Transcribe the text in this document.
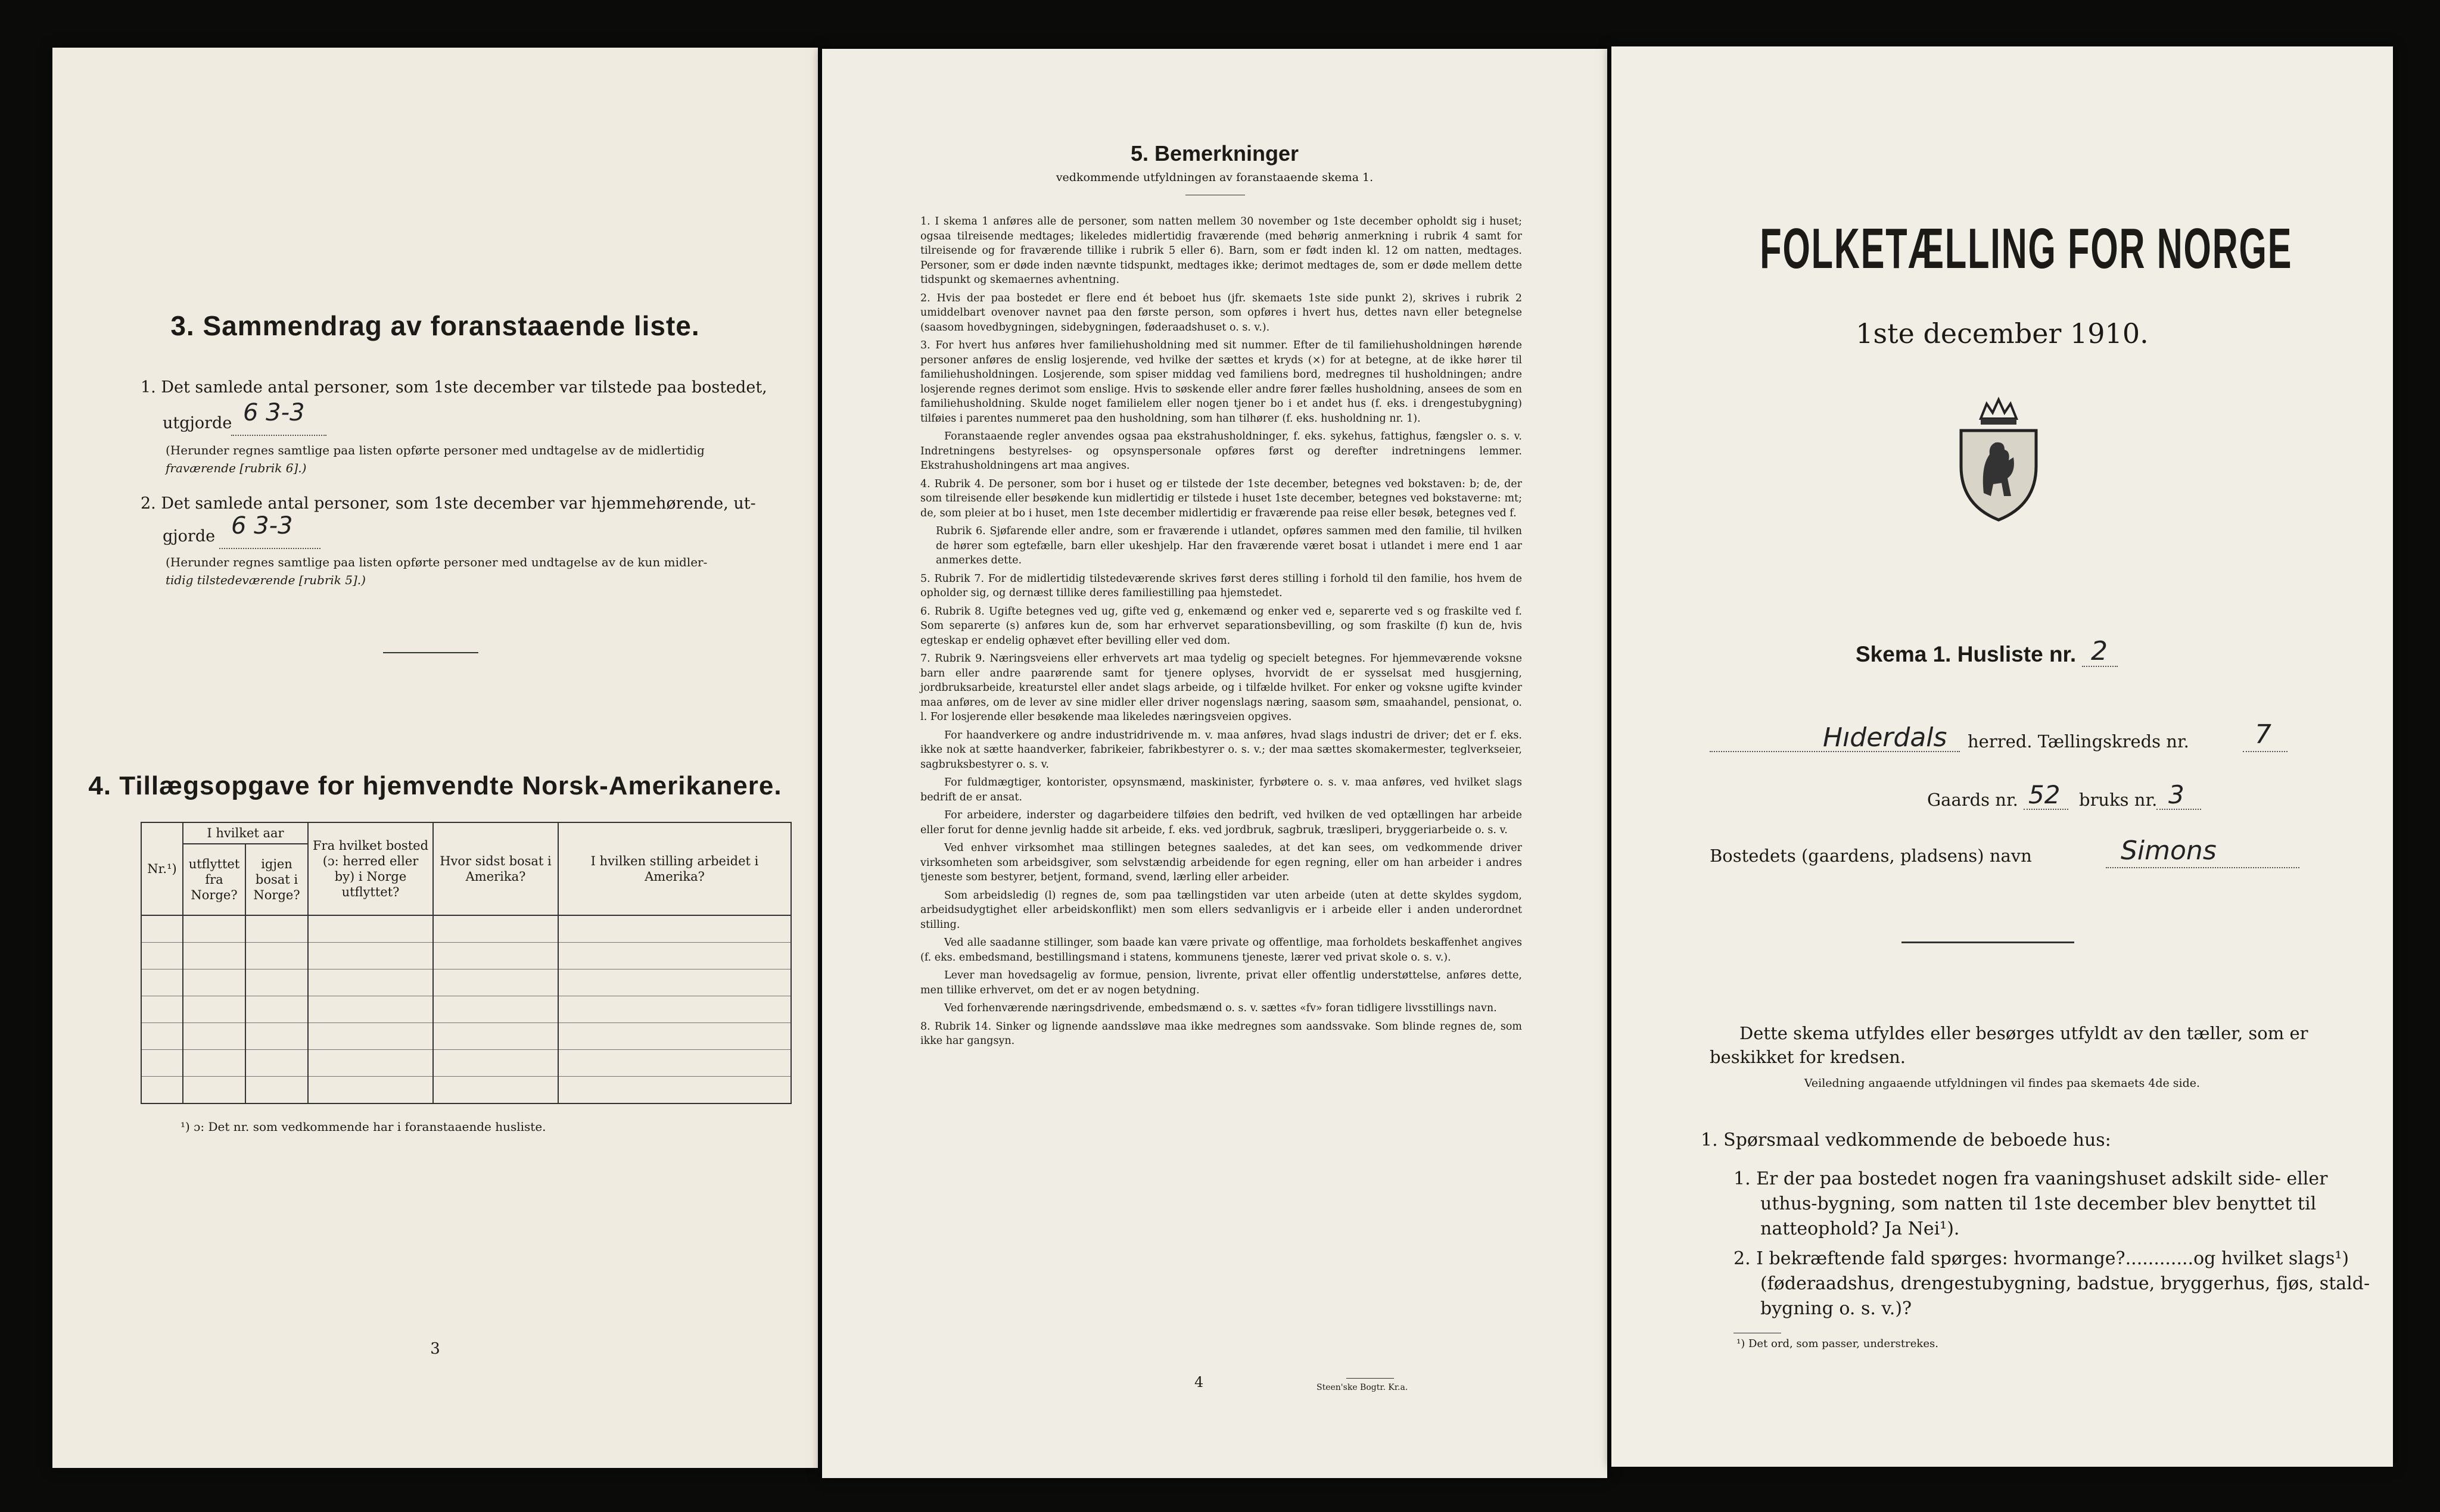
3. Sammendrag av foranstaaende liste.
1. Det samlede antal personer, som 1ste december var tilstede paa bostedet,
utgjorde 6 3-3
(Herunder regnes samtlige paa listen opførte personer med undtagelse av de midlertidig
fraværende [rubrik 6].)
2. Det samlede antal personer, som 1ste december var hjemmehørende, ut-
gjorde 6 3-3
(Herunder regnes samtlige paa listen opførte personer med undtagelse av de kun midler-
tidig tilstedeværende [rubrik 5].)
4. Tillægsopgave for hjemvendte Norsk-Amerikanere.
Nr.¹)	I hvilket aar		Fra hvilket bosted (ɔ: herred eller by) i Norge utflyttet?	Hvor sidst bosat i Amerika?	I hvilken stilling arbeidet i Amerika?
	utflyttet fra Norge?	igjen bosat i Norge?			

¹) ɔ: Det nr. som vedkommende har i foranstaaende husliste.
3
5. Bemerkninger
vedkommende utfyldningen av foranstaaende skema 1.

1. I skema 1 anføres alle de personer, som natten mellem 30 november og 1ste december opholdt sig i huset; ogsaa tilreisende medtages; likeledes midlertidig fraværende (med behørig anmerkning i rubrik 4 samt for tilreisende og for fraværende tillike i rubrik 5 eller 6). Barn, som er født inden kl. 12 om natten, medtages. Personer, som er døde inden nævnte tidspunkt, medtages ikke; derimot medtages de, som er døde mellem dette tidspunkt og skemaernes avhentning.

2. Hvis der paa bostedet er flere end ét beboet hus (jfr. skemaets 1ste side punkt 2), skrives i rubrik 2 umiddelbart ovenover navnet paa den første person, som opføres i hvert hus, dettes navn eller betegnelse (saasom hovedbygningen, sidebygningen, føderaadshuset o. s. v.).

3. For hvert hus anføres hver familiehusholdning med sit nummer. Efter de til familiehusholdningen hørende personer anføres de enslig losjerende, ved hvilke der sættes et kryds (×) for at betegne, at de ikke hører til familiehusholdningen. Losjerende, som spiser middag ved familiens bord, medregnes til husholdningen; andre losjerende regnes derimot som enslige. Hvis to søskende eller andre fører fælles husholdning, ansees de som en familiehusholdning. Skulde noget familielem eller nogen tjener bo i et andet hus (f. eks. i drengestubygning) tilføies i parentes nummeret paa den husholdning, som han tilhører (f. eks. husholdning nr. 1).

Foranstaaende regler anvendes ogsaa paa ekstrahusholdninger, f. eks. sykehus, fattighus, fængsler o. s. v. Indretningens bestyrelses- og opsynspersonale opføres først og derefter indretningens lemmer. Ekstrahusholdningens art maa angives.

4. Rubrik 4. De personer, som bor i huset og er tilstede der 1ste december, betegnes ved bokstaven: b; de, der som tilreisende eller besøkende kun midlertidig er tilstede i huset 1ste december, betegnes ved bokstaverne: mt; de, som pleier at bo i huset, men 1ste december midlertidig er fraværende paa reise eller besøk, betegnes ved f.

Rubrik 6. Sjøfarende eller andre, som er fraværende i utlandet, opføres sammen med den familie, til hvilken de hører som egtefælle, barn eller ukeshjelp. Har den fraværende været bosat i utlandet i mere end 1 aar anmerkes dette.

5. Rubrik 7. For de midlertidig tilstedeværende skrives først deres stilling i forhold til den familie, hos hvem de opholder sig, og dernæst tillike deres familiestilling paa hjemstedet.

6. Rubrik 8. Ugifte betegnes ved ug, gifte ved g, enkemænd og enker ved e, separerte ved s og fraskilte ved f. Som separerte (s) anføres kun de, som har erhvervet separationsbevilling, og som fraskilte (f) kun de, hvis egteskap er endelig ophævet efter bevilling eller ved dom.

7. Rubrik 9. Næringsveiens eller erhvervets art maa tydelig og specielt betegnes. For hjemmeværende voksne barn eller andre paarørende samt for tjenere oplyses, hvorvidt de er sysselsat med husgjerning, jordbruksarbeide, kreaturstel eller andet slags arbeide, og i tilfælde hvilket. For enker og voksne ugifte kvinder maa anføres, om de lever av sine midler eller driver nogenslags næring, saasom søm, smaahandel, pensionat, o. l. For losjerende eller besøkende maa likeledes næringsveien opgives.

For haandverkere og andre industridrivende m. v. maa anføres, hvad slags industri de driver; det er f. eks. ikke nok at sætte haandverker, fabrikeier, fabrikbestyrer o. s. v.; der maa sættes skomakermester, teglverkseier, sagbruksbestyrer o. s. v.

For fuldmægtiger, kontorister, opsynsmænd, maskinister, fyrbøtere o. s. v. maa anføres, ved hvilket slags bedrift de er ansat.

For arbeidere, inderster og dagarbeidere tilføies den bedrift, ved hvilken de ved optællingen har arbeide eller forut for denne jevnlig hadde sit arbeide, f. eks. ved jordbruk, sagbruk, træsliperi, bryggeriarbeide o. s. v.

Ved enhver virksomhet maa stillingen betegnes saaledes, at det kan sees, om vedkommende driver virksomheten som arbeidsgiver, som selvstændig arbeidende for egen regning, eller om han arbeider i andres tjeneste som bestyrer, betjent, formand, svend, lærling eller arbeider.

Som arbeidsledig (l) regnes de, som paa tællingstiden var uten arbeide (uten at dette skyldes sygdom, arbeidsudygtighet eller arbeidskonflikt) men som ellers sedvanligvis er i arbeide eller i anden underordnet stilling.

Ved alle saadanne stillinger, som baade kan være private og offentlige, maa forholdets beskaffenhet angives (f. eks. embedsmand, bestillingsmand i statens, kommunens tjeneste, lærer ved privat skole o. s. v.).

Lever man hovedsagelig av formue, pension, livrente, privat eller offentlig understøttelse, anføres dette, men tillike erhvervet, om det er av nogen betydning.

Ved forhenværende næringsdrivende, embedsmænd o. s. v. sættes «fv» foran tidligere livsstillings navn.

8. Rubrik 14. Sinker og lignende aandssløve maa ikke medregnes som aandssvake. Som blinde regnes de, som ikke har gangsyn.

4	Steen'ske Bogtr. Kr.a.
FOLKETÆLLING FOR NORGE
1ste december 1910.
Skema 1. Husliste nr. 2
Hıderdals herred. Tællingskreds nr.	7
Gaards nr. 52 bruks nr. 3
Bostedets (gaardens, pladsens) navn	Simons
Dette skema utfyldes eller besørges utfyldt av den tæller, som er
beskikket for kredsen.
Veiledning angaaende utfyldningen vil findes paa skemaets 4de side.
1. Spørsmaal vedkommende de beboede hus:
1. Er der paa bostedet nogen fra vaaningshuset adskilt side- eller
uthus-bygning, som natten til 1ste december blev benyttet til
natteophold? Ja Nei¹).
2. I bekræftende fald spørges: hvormange?............og hvilket slags¹)
(føderaadshus, drengestubygning, badstue, bryggerhus, fjøs, stald-
bygning o. s. v.)?
¹) Det ord, som passer, understrekes.
